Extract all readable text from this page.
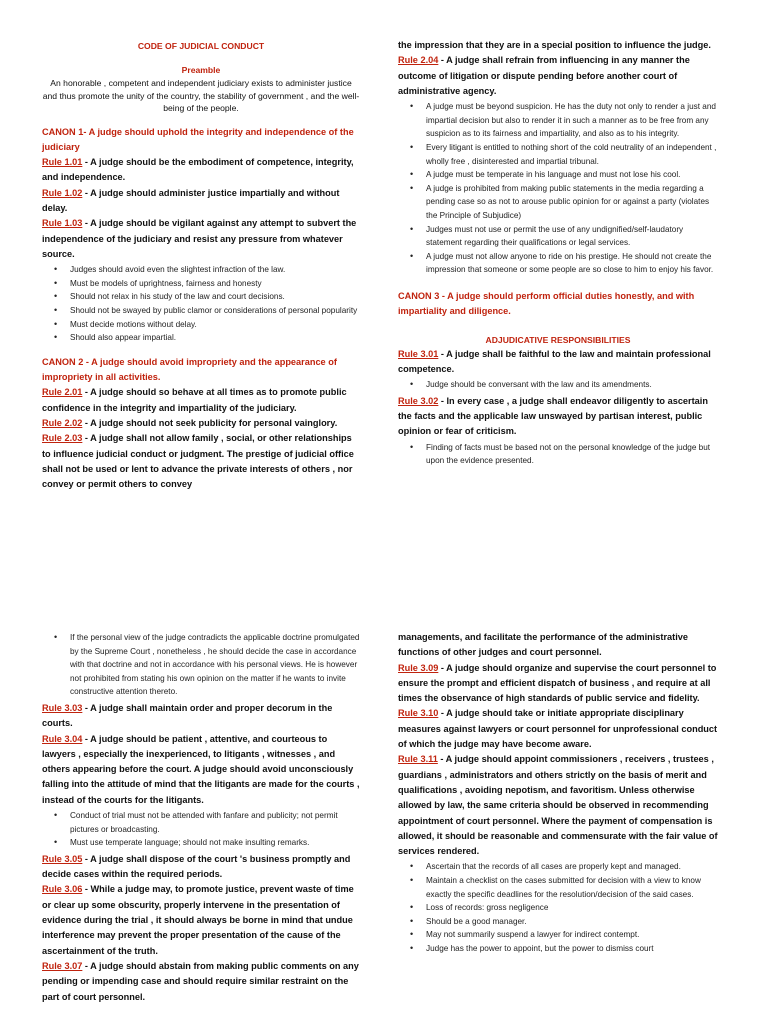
CODE OF JUDICIAL CONDUCT
Preamble
An honorable , competent and independent judiciary exists to administer justice and thus promote the unity of the country, the stability of government , and the well-being of the people.
CANON 1- A judge should uphold the integrity and independence of the judiciary
Rule 1.01 - A judge should be the embodiment of competence, integrity, and independence.
Rule 1.02 - A judge should administer justice impartially and without delay.
Rule 1.03 - A judge should be vigilant against any attempt to subvert the independence of the judiciary and resist any pressure from whatever source.
• Judges should avoid even the slightest infraction of the law.
• Must be models of uprightness, fairness and honesty
• Should not relax in his study of the law and court decisions.
• Should not be swayed by public clamor or considerations of personal popularity
• Must decide motions without delay.
• Should also appear impartial.
CANON 2 - A judge should avoid impropriety and the appearance of impropriety in all activities.
Rule 2.01 - A judge should so behave at all times as to promote public confidence in the integrity and impartiality of the judiciary.
Rule 2.02 - A judge should not seek publicity for personal vainglory.
Rule 2.03 - A judge shall not allow family , social, or other relationships to influence judicial conduct or judgment. The prestige of judicial office shall not be used or lent to advance the private interests of others , nor convey or permit others to convey
the impression that they are in a special position to influence the judge.
Rule 2.04 - A judge shall refrain from influencing in any manner the outcome of litigation or dispute pending before another court of administrative agency.
• A judge must be beyond suspicion. He has the duty not only to render a just and impartial decision but also to render it in such a manner as to be free from any suspicion as to its fairness and impartiality, and also as to his integrity.
• Every litigant is entitled to nothing short of the cold neutrality of an independent , wholly free , disinterested and impartial tribunal.
• A judge must be temperate in his language and must not lose his cool.
• A judge is prohibited from making public statements in the media regarding a pending case so as not to arouse public opinion for or against a party (violates the Principle of Subjudice)
• Judges must not use or permit the use of any undignified/self-laudatory statement regarding their qualifications or legal services.
• A judge must not allow anyone to ride on his prestige. He should not create the impression that someone or some people are so close to him to enjoy his favor.
CANON 3 - A judge should perform official duties honestly, and with impartiality and diligence.
ADJUDICATIVE RESPONSIBILITIES
Rule 3.01 - A judge shall be faithful to the law and maintain professional competence.
• Judge should be conversant with the law and its amendments.
Rule 3.02 - In every case , a judge shall endeavor diligently to ascertain the facts and the applicable law unswayed by partisan interest, public opinion or fear of criticism.
• Finding of facts must be based not on the personal knowledge of the judge but upon the evidence presented.
• If the personal view of the judge contradicts the applicable doctrine promulgated by the Supreme Court , nonetheless , he should decide the case in accordance with that doctrine and not in accordance with his personal views. He is however not prohibited from stating his own opinion on the matter if he wants to invite constructive attention thereto.
Rule 3.03 - A judge shall maintain order and proper decorum in the courts.
Rule 3.04 - A judge should be patient , attentive, and courteous to lawyers , especially the inexperienced, to litigants , witnesses , and others appearing before the court. A judge should avoid unconsciously falling into the attitude of mind that the litigants are made for the courts , instead of the courts for the litigants.
• Conduct of trial must not be attended with fanfare and publicity; not permit pictures or broadcasting.
• Must use temperate language; should not make insulting remarks.
Rule 3.05 - A judge shall dispose of the court 's business promptly and decide cases within the required periods.
Rule 3.06 - While a judge may, to promote justice, prevent waste of time or clear up some obscurity, properly intervene in the presentation of evidence during the trial , it should always be borne in mind that undue interference may prevent the proper presentation of the cause of the ascertainment of the truth.
Rule 3.07 - A judge should abstain from making public comments on any pending or impending case and should require similar restraint on the part of court personnel.
managements, and facilitate the performance of the administrative functions of other judges and court personnel.
Rule 3.09 - A judge should organize and supervise the court personnel to ensure the prompt and efficient dispatch of business , and require at all times the observance of high standards of public service and fidelity.
Rule 3.10 - A judge should take or initiate appropriate disciplinary measures against lawyers or court personnel for unprofessional conduct of which the judge may have become aware.
Rule 3.11 - A judge should appoint commissioners , receivers , trustees , guardians , administrators and others strictly on the basis of merit and qualifications , avoiding nepotism, and favoritism. Unless otherwise allowed by law, the same criteria should be observed in recommending appointment of court personnel. Where the payment of compensation is allowed, it should be reasonable and commensurate with the fair value of services rendered.
• Ascertain that the records of all cases are properly kept and managed.
• Maintain a checklist on the cases submitted for decision with a view to know exactly the specific deadlines for the resolution/decision of the said cases.
• Loss of records: gross negligence
• Should be a good manager.
• May not summarily suspend a lawyer for indirect contempt.
• Judge has the power to appoint, but the power to dismiss court
